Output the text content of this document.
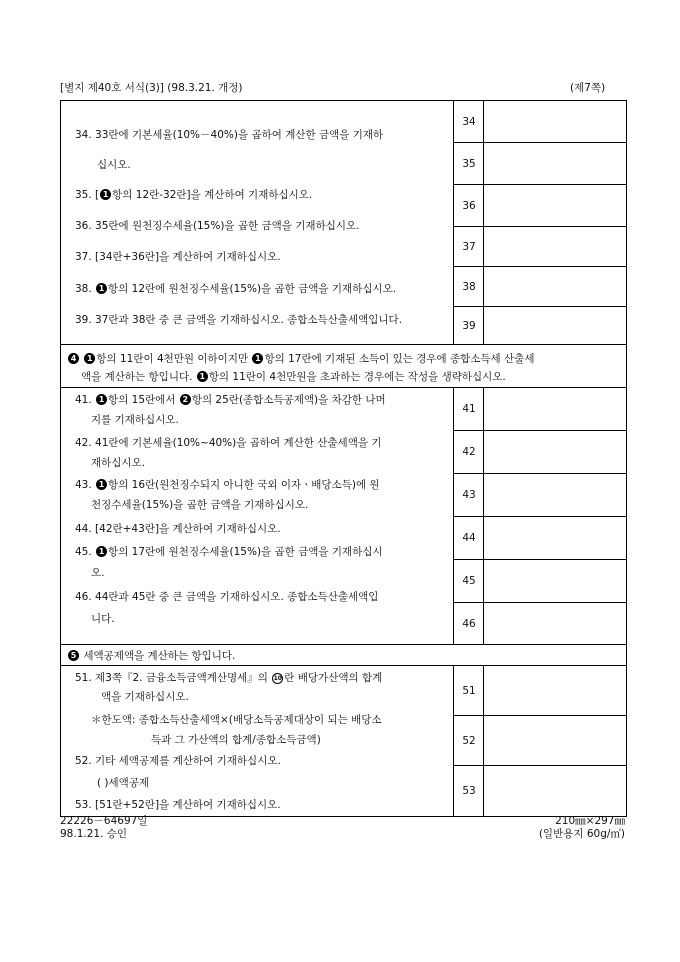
[별지 제40호 서식(3)] (98.3.21. 개정)	(제7쪽)
34. 33란에 기본세율(10%－40%)을 곱하여 계산한 금액을 기재하
십시오.
35. [ 1 항의 12란-32란]을 계산하여 기재하십시오.
36. 35란에 원천징수세율(15%)을 곱한 금액을 기재하십시오.
37. [34란+36란]을 계산하여 기재하십시오.
38. 1 항의 12란에 원천징수세율(15%)을 곱한 금액을 기재하십시오.
39. 37란과 38란 중 큰 금액을 기재하십시오. 종합소득산출세액입니다.
34
35
36
37
38
39
4 1 항의 11란이 4천만원 이하이지만 1 항의 17란에 기재된 소득이 있는 경우에 종합소득세 산출세
액을 계산하는 항입니다. 1 항의 11란이 4천만원을 초과하는 경우에는 작성을 생략하십시오.
41. 1 항의 15란에서 2 항의 25란(종합소득공제액)을 차감한 나머
지를 기재하십시오.
42. 41란에 기본세율(10%~40%)을 곱하여 계산한 산출세액을 기
재하십시오.
43. 1 항의 16란(원천징수되지 아니한 국외 이자ㆍ배당소득)에 원
천징수세율(15%)을 곱한 금액을 기재하십시오.
44. [42란+43란]을 계산하여 기재하십시오.
45. 1 항의 17란에 원천징수세율(15%)을 곱한 금액을 기재하십시
오.
46. 44란과 45란 중 큰 금액을 기재하십시오. 종합소득산출세액입
니다.
41
42
43
44
45
46
5 세액공제액을 계산하는 항입니다.
51. 제3쪽『2. 금융소득금액계산명세』의 10 란 배당가산액의 합계
액을 기재하십시오.
＊한도액: 종합소득산출세액×(배당소득공제대상이 되는 배당소
득과 그 가산액의 합계/종합소득금액)
52. 기타 세액공제를 계산하여 기재하십시오.
( )세액공제
53. [51란+52란]을 계산하여 기재하십시오.
51
52
53
22226－64697일
98.1.21. 승인
210㎜×297㎜
(일반용지 60g/㎡)
